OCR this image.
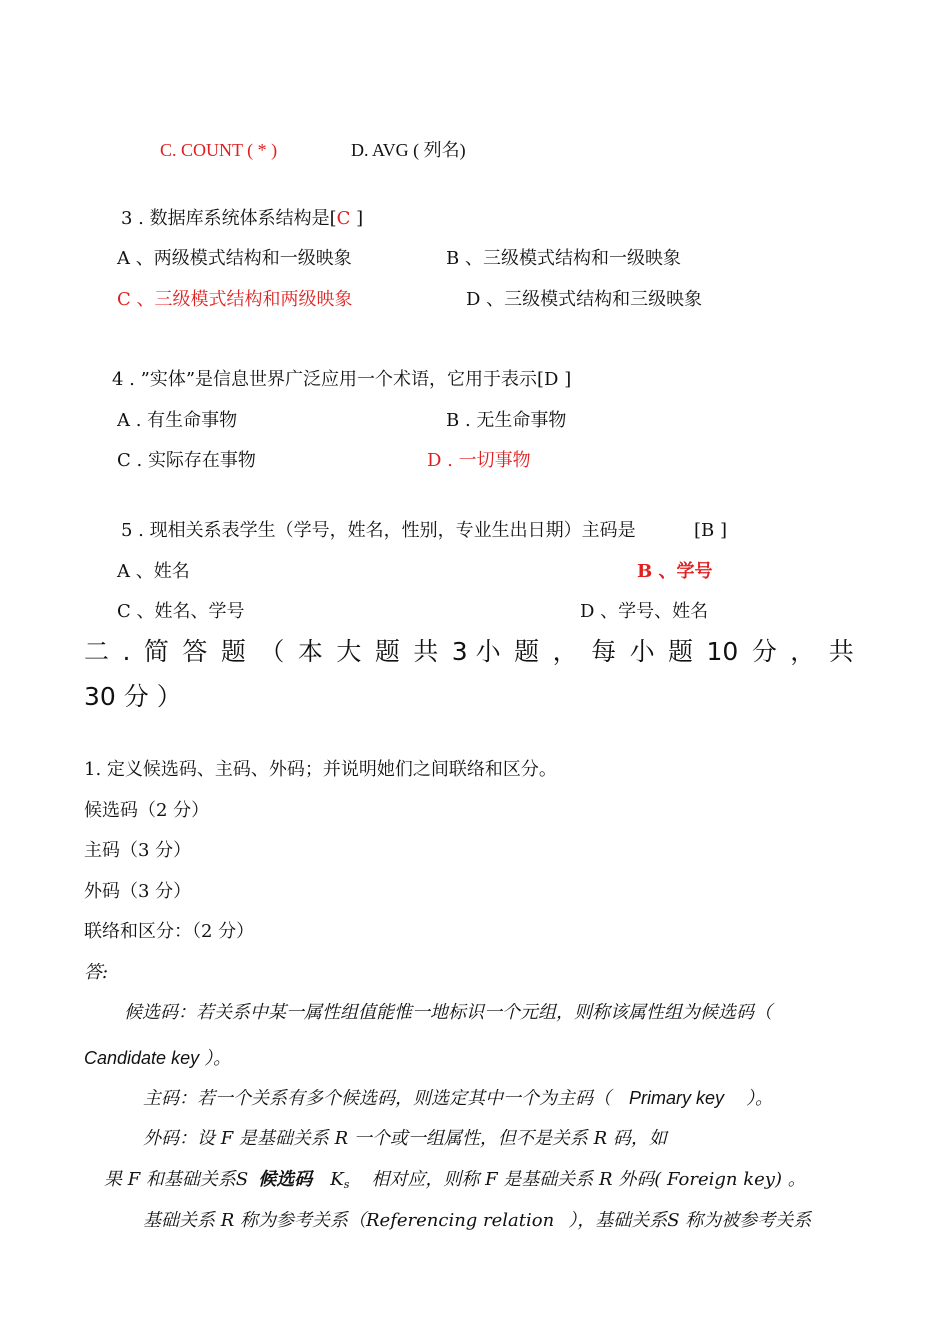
C. COUNT ( * )	D. AVG ( 列名)
3 . 数据库系统体系结构是[C ]
A 、两级模式结构和一级映象	B 、三级模式结构和一级映象
C 、三级模式结构和两级映象	D 、三级模式结构和三级映象
4 . ”实体”是信息世界广泛应用一个术语，它用于表示[D ]
A . 有生命事物	B . 无生命事物
C . 实际存在事物	D . 一切事物
5 . 现相关系表学生（学号，姓名，性别，专业生出日期）主码是	[B ]
A 、姓名	B 、学号
C 、姓名、学号	D 、学号、姓名
二 . 简 答 题 （ 本 大 题 共 3 小 题 ， 每 小 题 10 分 ， 共
30 分 ）
1. 定义候选码、主码、外码；并说明她们之间联络和区分。
候选码（2 分）
主码（3 分）
外码（3 分）
联络和区分：（2 分）
答:
候选码：若关系中某一属性组值能惟一地标识一个元组，则称该属性组为候选码（
Candidate key ）。
主码：若一个关系有多个候选码，则选定其中一个为主码（ Primary key ）。
外码：设 F 是基础关系 R 一个或一组属性，但不是关系 R 码，如
果 F 和基础关系S 候选码 $K_s$ 相对应，则称 F 是基础关系 R 外码( Foreign key) 。
基础关系 R 称为参考关系（Referencing relation ），基础关系S 称为被参考关系
